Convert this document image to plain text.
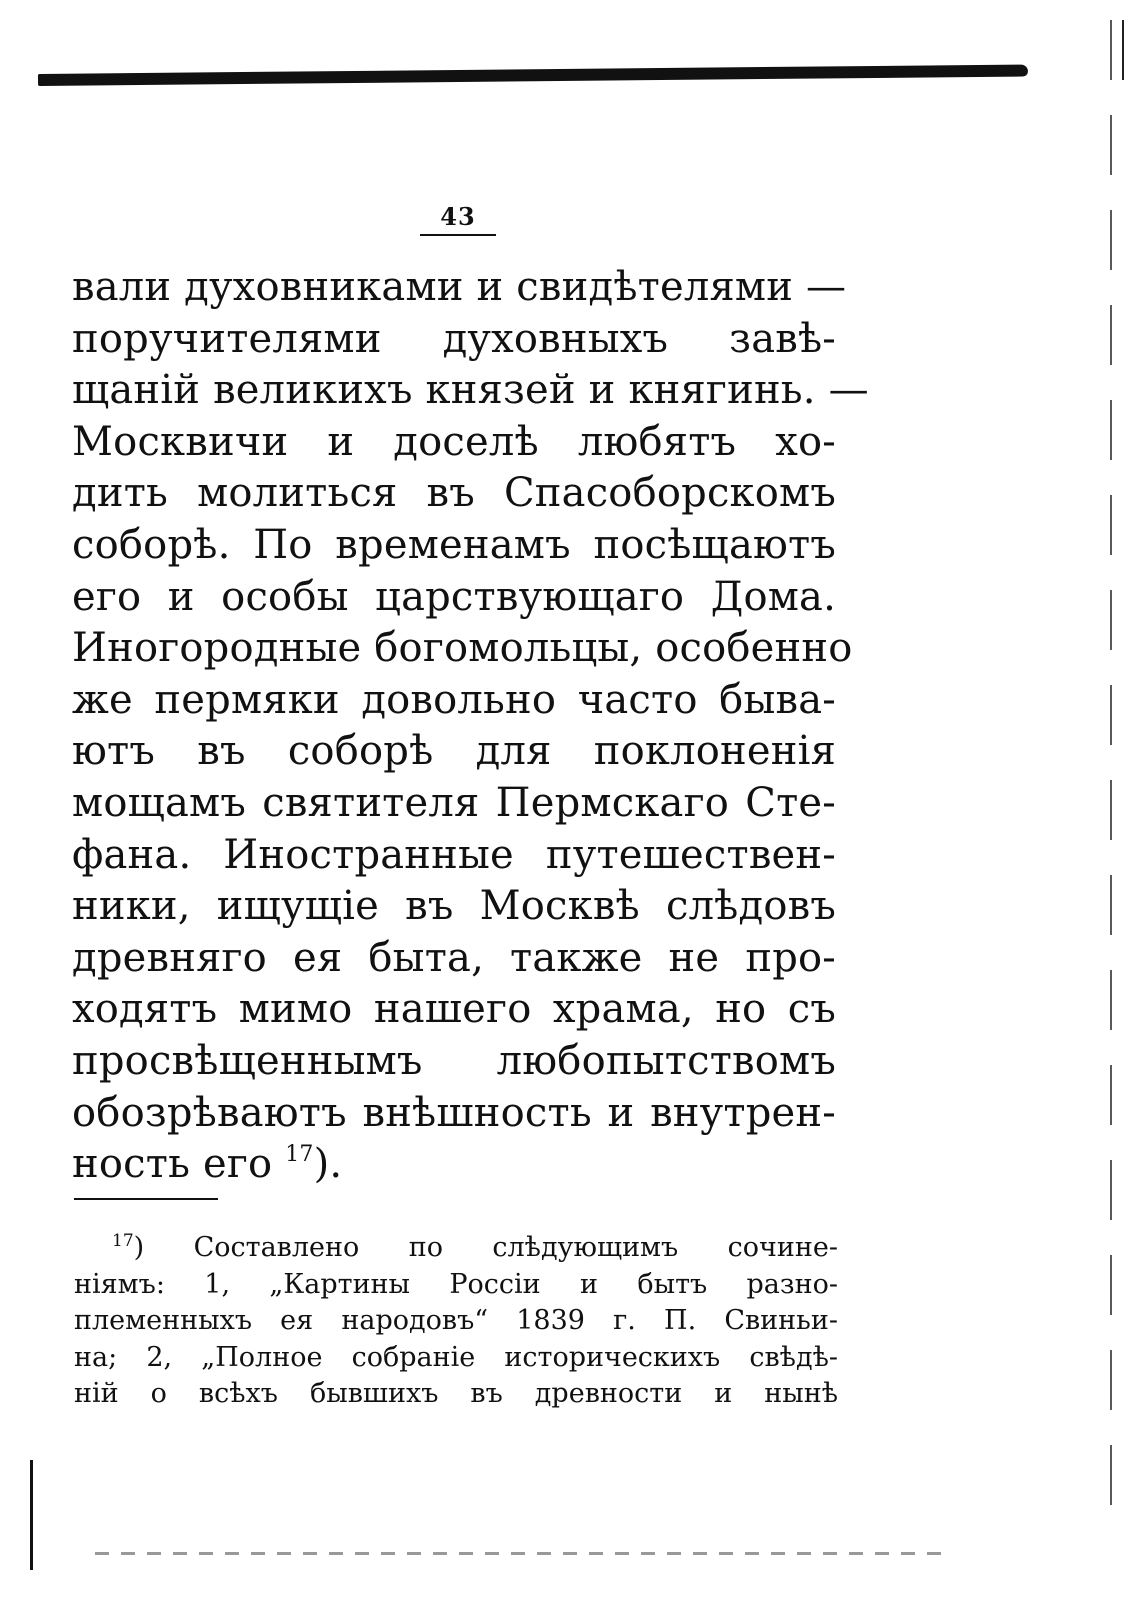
43
вали духовниками и свидѣтелями —
поручителями духовныхъ завѣ-
щаній великихъ князей и княгинь. —
Москвичи и доселѣ любятъ хо-
дить молиться въ Спасоборскомъ
соборѣ. По временамъ посѣщаютъ
его и особы царствующаго Дома.
Иногородные богомольцы, особенно
же пермяки довольно часто быва-
ютъ въ соборѣ для поклоненія
мощамъ святителя Пермскаго Сте-
фана. Иностранные путешествен-
ники, ищущіе въ Москвѣ слѣдовъ
древняго ея быта, также не про-
ходятъ мимо нашего храма, но съ
просвѣщеннымъ любопытствомъ
обозрѣваютъ внѣшность и внутрен-
ность его $^{17}$).
$^{17}$) Составлено по слѣдующимъ сочине-
ніямъ: 1, „Картины Россіи и бытъ разно-
племенныхъ ея народовъ“ 1839 г. П. Свиньи-
на; 2, „Полное собраніе историческихъ свѣдѣ-
ній о всѣхъ бывшихъ въ древности и нынѣ
